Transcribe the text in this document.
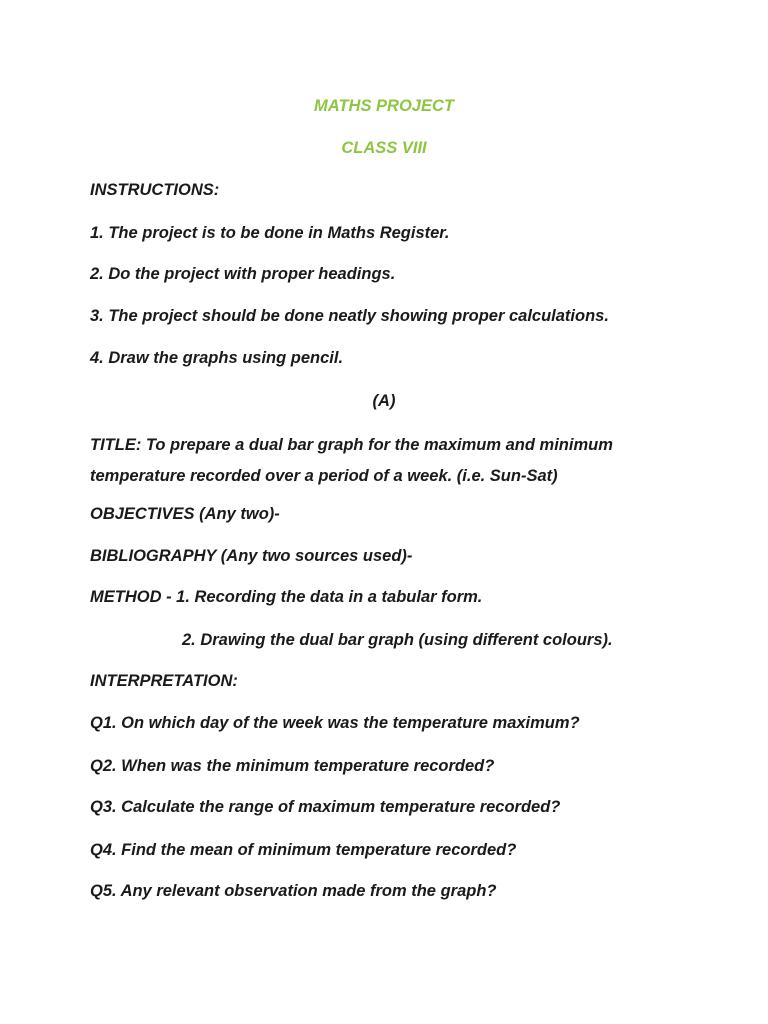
MATHS PROJECT

CLASS VIII

INSTRUCTIONS:

1. The project is to be done in Maths Register.

2. Do the project with proper headings.

3. The project should be done neatly showing proper calculations.

4. Draw the graphs using pencil.

(A)

TITLE: To prepare a dual bar graph for the maximum and minimum
temperature recorded over a period of a week. (i.e. Sun-Sat)

OBJECTIVES (Any two)-

BIBLIOGRAPHY (Any two sources used)-

METHOD - 1. Recording the data in a tabular form.

2. Drawing the dual bar graph (using different colours).

INTERPRETATION:

Q1. On which day of the week was the temperature maximum?

Q2. When was the minimum temperature recorded?

Q3. Calculate the range of maximum temperature recorded?

Q4. Find the mean of minimum temperature recorded?

Q5. Any relevant observation made from the graph?
